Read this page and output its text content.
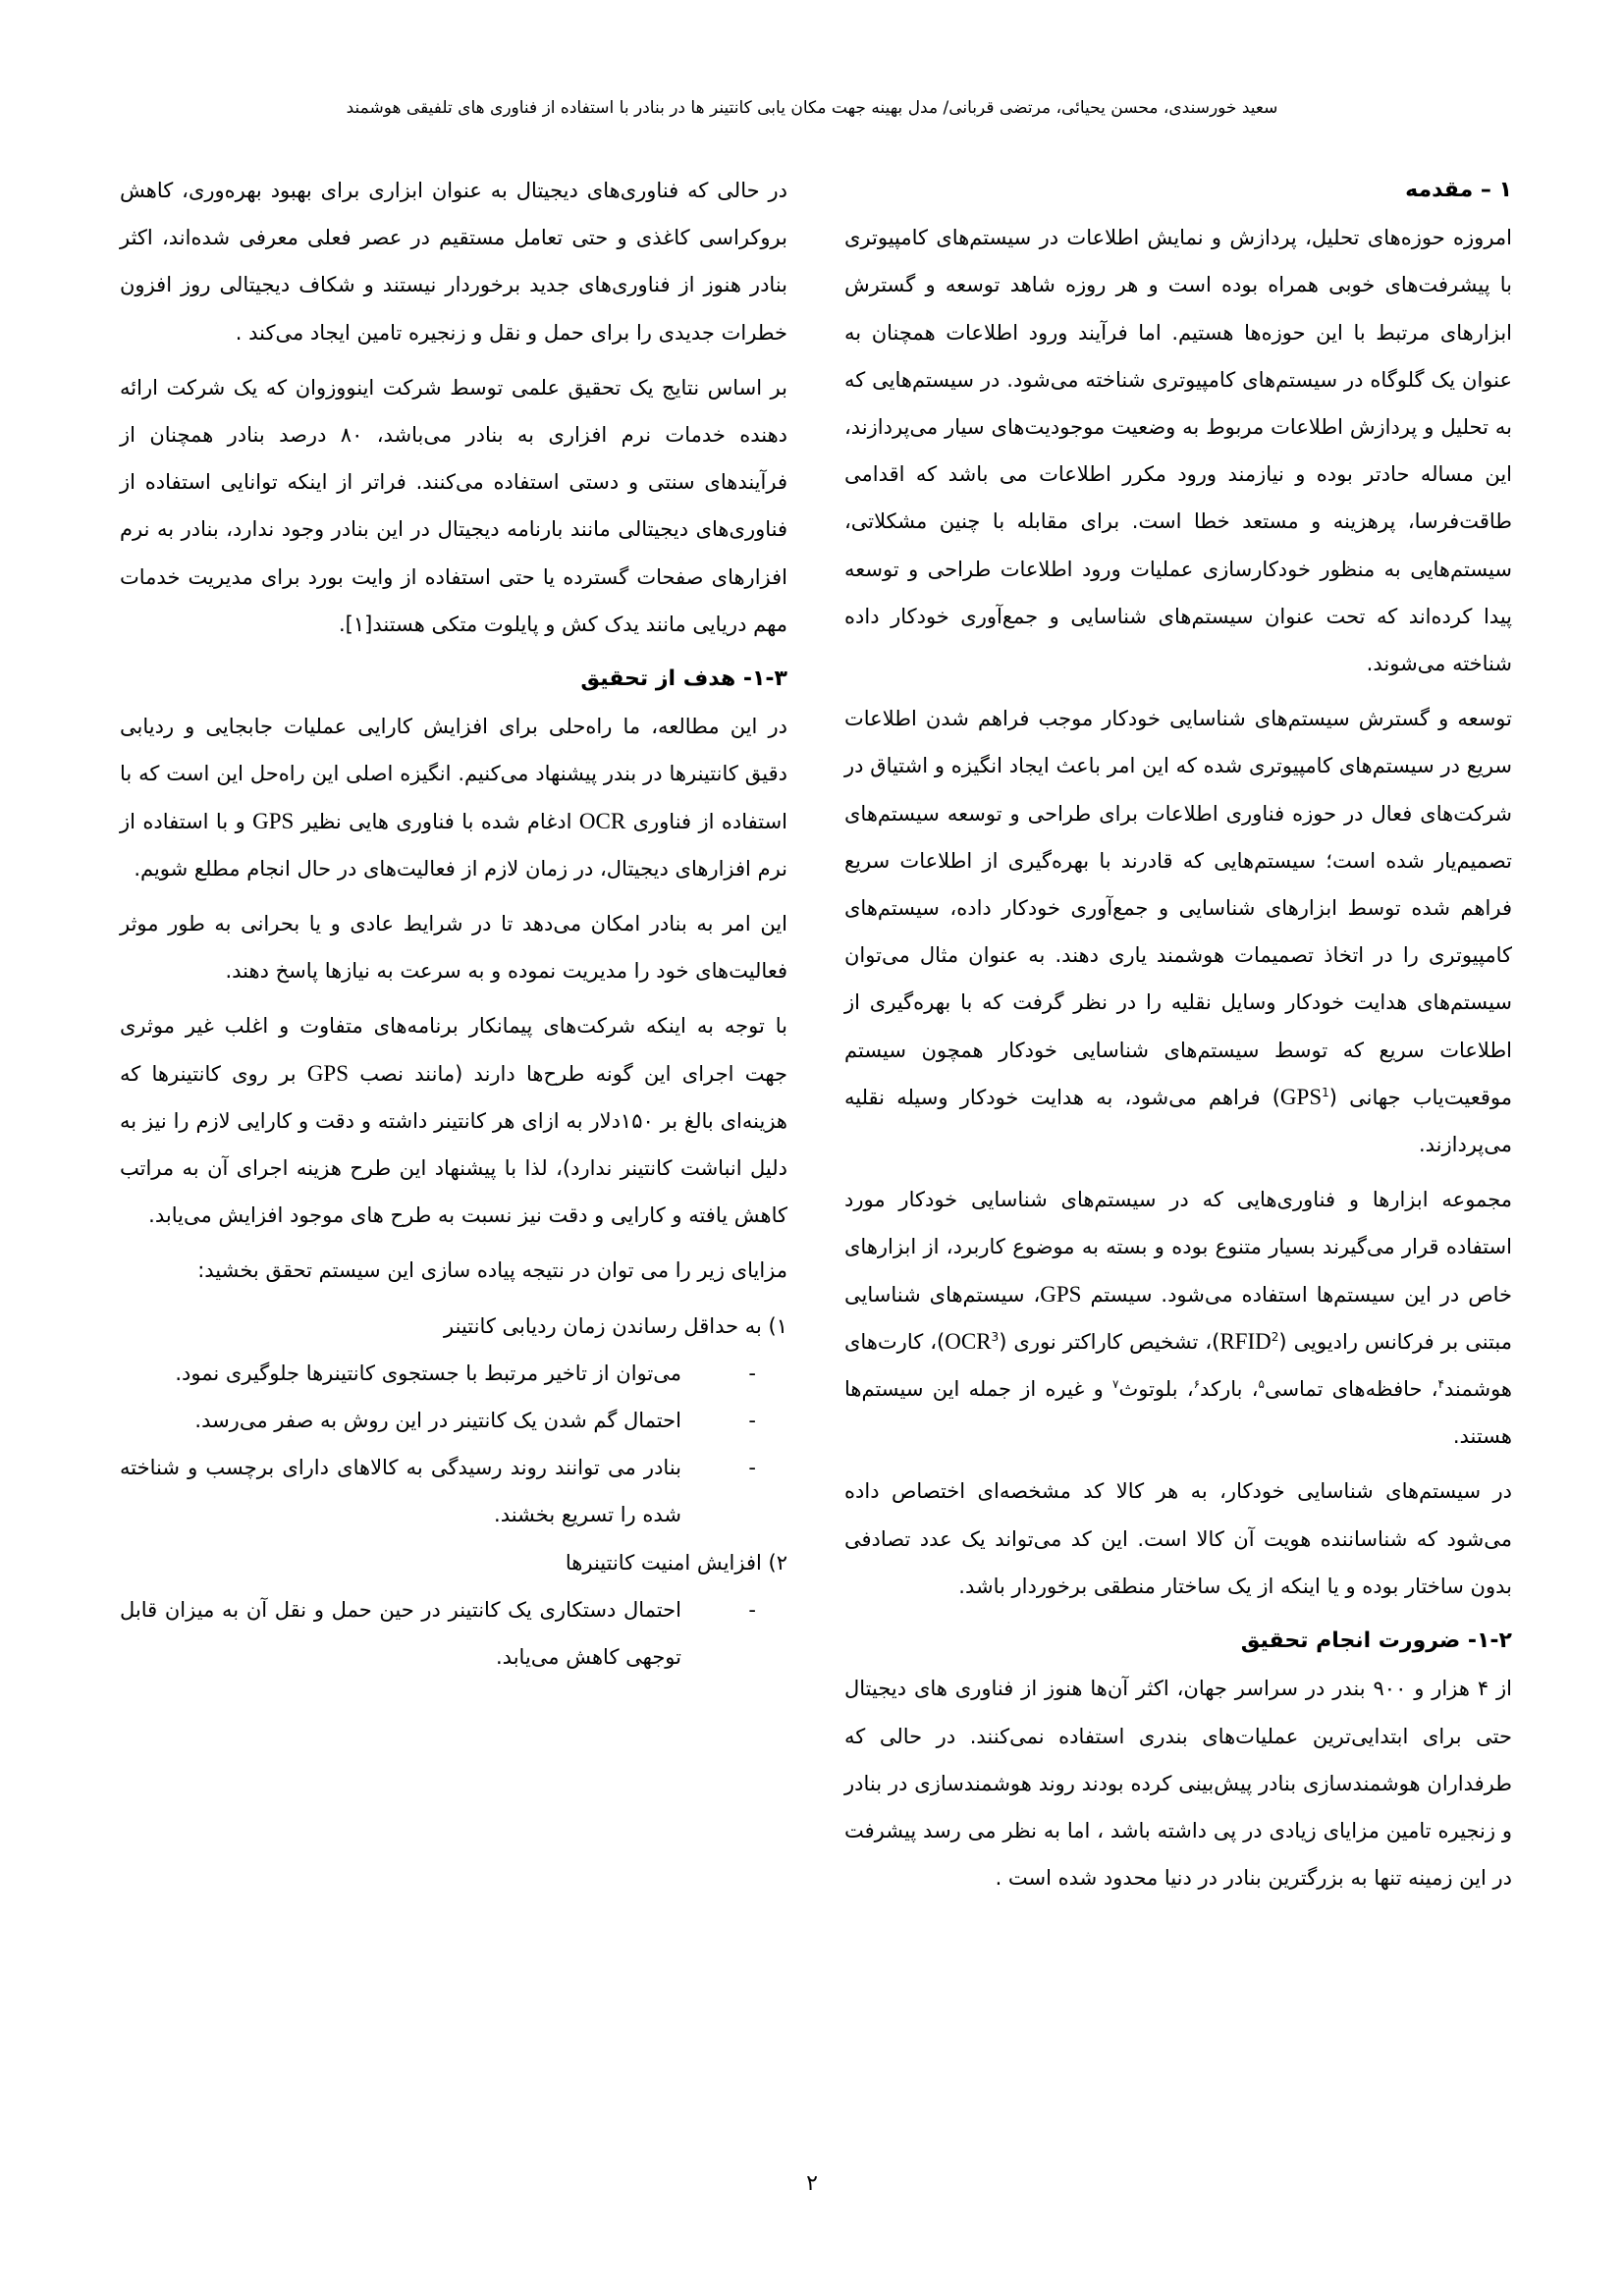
سعید خورسندی، محسن یحیائی، مرتضی قربانی/ مدل بهینه جهت مکان یابی کانتینر ها در بنادر با استفاده از فناوری های تلفیقی هوشمند

۱ – مقدمه

امروزه حوزه‌های تحلیل، پردازش و نمایش اطلاعات در سیستم‌های کامپیوتری با پیشرفت‌های خوبی همراه بوده است و هر روزه شاهد توسعه و گسترش ابزارهای مرتبط با این حوزه‌ها هستیم. اما فرآیند ورود اطلاعات همچنان به عنوان یک گلوگاه در سیستم‌های کامپیوتری شناخته می‌شود. در سیستم‌هایی که به تحلیل و پردازش اطلاعات مربوط به وضعیت موجودیت‌های سیار می‌پردازند، این مساله حادتر بوده و نیازمند ورود مکرر اطلاعات می باشد که اقدامی طاقت‌فرسا، پرهزینه و مستعد خطا است. برای مقابله با چنین مشکلاتی، سیستم‌هایی به منظور خودکارسازی عملیات ورود اطلاعات طراحی و توسعه پیدا کرده‌اند که تحت عنوان سیستم‌های شناسایی و جمع‌آوری خودکار داده شناخته می‌شوند.

توسعه و گسترش سیستم‌های شناسایی خودکار موجب فراهم شدن اطلاعات سریع در سیستم‌های کامپیوتری شده که این امر باعث ایجاد انگیزه و اشتیاق در شرکت‌های فعال در حوزه فناوری اطلاعات برای طراحی و توسعه سیستم‌های تصمیم‌یار شده است؛ سیستم‌هایی که قادرند با بهره‌گیری از اطلاعات سریع فراهم شده توسط ابزارهای شناسایی و جمع‌آوری خودکار داده، سیستم‌های کامپیوتری را در اتخاذ تصمیمات هوشمند یاری دهند. به عنوان مثال می‌توان سیستم‌های هدایت خودکار وسایل نقلیه را در نظر گرفت که با بهره‌گیری از اطلاعات سریع که توسط سیستم‌های شناسایی خودکار همچون سیستم موقعیت‌یاب جهانی (GPS$^1$) فراهم می‌شود، به هدایت خودکار وسیله نقلیه می‌پردازند.

مجموعه ابزارها و فناوری‌هایی که در سیستم‌های شناسایی خودکار مورد استفاده قرار می‌گیرند بسیار متنوع بوده و بسته به موضوع کاربرد، از ابزارهای خاص در این سیستم‌ها استفاده می‌شود. سیستم GPS، سیستم‌های شناسایی مبتنی بر فرکانس رادیویی (RFID$^2$)، تشخیص کاراکتر نوری (OCR$^3$)، کارت‌های هوشمند$^۴$، حافظه‌های تماسی$^۵$، بارکد$^۶$، بلوتوث$^۷$ و غیره از جمله این سیستم‌ها هستند.

در سیستم‌های شناسایی خودکار، به هر کالا کد مشخصه‌ای اختصاص داده می‌شود که شناساننده هویت آن کالا است. این کد می‌تواند یک عدد تصادفی بدون ساختار بوده و یا اینکه از یک ساختار منطقی برخوردار باشد.

۱-۲- ضرورت انجام تحقیق

از ۴ هزار و ۹۰۰ بندر در سراسر جهان، اکثر آن‌ها هنوز از فناوری های دیجیتال حتی برای ابتدایی‌ترین عملیات‌های بندری استفاده نمی‌کنند. در حالی که طرفداران هوشمندسازی بنادر پیش‌بینی کرده بودند روند هوشمندسازی در بنادر و زنجیره تامین مزایای زیادی در پی داشته باشد ، اما به نظر می رسد پیشرفت در این زمینه تنها به بزرگترین بنادر در دنیا محدود شده است .

در حالی که فناوری‌های دیجیتال به عنوان ابزاری برای بهبود بهره‌وری، کاهش بروکراسی کاغذی و حتی تعامل مستقیم در عصر فعلی معرفی شده‌اند، اکثر بنادر هنوز از فناوری‌های جدید برخوردار نیستند و شکاف دیجیتالی روز افزون خطرات جدیدی را برای حمل و نقل و زنجیره تامین ایجاد می‌کند .

بر اساس نتایج یک تحقیق علمی توسط شرکت اینووزوان که یک شرکت ارائه دهنده خدمات نرم افزاری به بنادر می‌باشد، ۸۰ درصد بنادر همچنان از فرآیندهای سنتی و دستی استفاده می‌کنند. فراتر از اینکه توانایی استفاده از فناوری‌های دیجیتالی مانند بارنامه دیجیتال در این بنادر وجود ندارد، بنادر به نرم افزارهای صفحات گسترده یا حتی استفاده از وایت بورد برای مدیریت خدمات مهم دریایی مانند یدک کش و پایلوت متکی هستند[۱].

۱-۳- هدف از تحقیق

در این مطالعه، ما راه‌حلی برای افزایش کارایی عملیات جابجایی و ردیابی دقیق کانتینرها در بندر پیشنهاد می‌کنیم. انگیزه اصلی این راه‌حل این است که با استفاده از فناوری OCR ادغام شده با فناوری هایی نظیر GPS و با استفاده از نرم افزارهای دیجیتال، در زمان لازم از فعالیت‌های در حال انجام مطلع شویم.

این امر به بنادر امکان می‌دهد تا در شرایط عادی و یا بحرانی به طور موثر فعالیت‌های خود را مدیریت نموده و به سرعت به نیازها پاسخ دهند.

با توجه به اینکه شرکت‌های پیمانکار برنامه‌های متفاوت و اغلب غیر موثری جهت اجرای این گونه طرح‌ها دارند (مانند نصب GPS بر روی کانتینرها که هزینه‌ای بالغ بر ۱۵۰دلار به ازای هر کانتینر داشته و دقت و کارایی لازم را نیز به دلیل انباشت کانتینر ندارد)، لذا با پیشنهاد این طرح هزینه اجرای آن به مراتب کاهش یافته و کارایی و دقت نیز نسبت به طرح های موجود افزایش می‌یابد.

مزایای زیر را می توان در نتیجه پیاده سازی این سیستم تحقق بخشید:

۱) به حداقل رساندن زمان ردیابی کانتینر

-
می‌توان از تاخیر مرتبط با جستجوی کانتینرها جلوگیری نمود.

-
احتمال گم شدن یک کانتینر در این روش به صفر می‌رسد.

-
بنادر می توانند روند رسیدگی به کالاهای دارای برچسب و شناخته شده را تسریع بخشند.

۲) افزایش امنیت کانتینرها

-
احتمال دستکاری یک کانتینر در حین حمل و نقل آن به میزان قابل توجهی کاهش می‌یابد.

۲
